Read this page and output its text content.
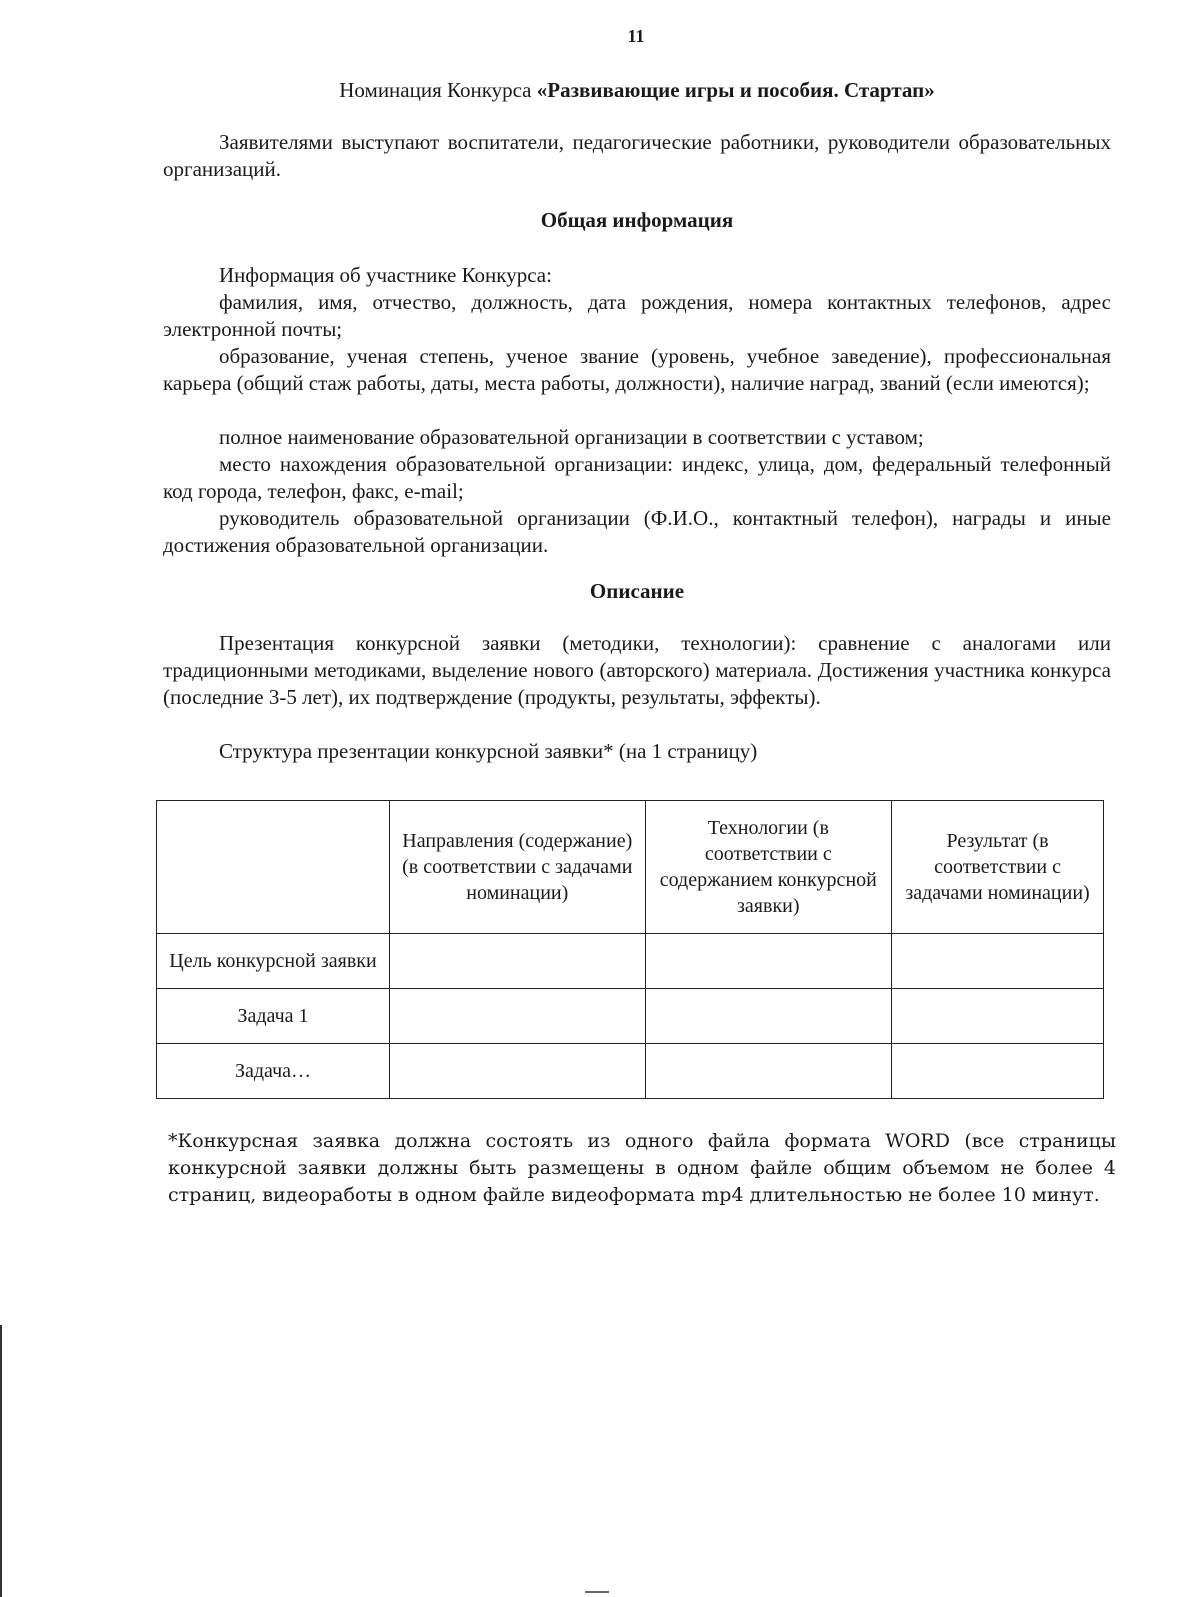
11
Номинация Конкурса «Развивающие игры и пособия. Стартап»

Заявителями выступают воспитатели, педагогические работники, руководители образовательных организаций.

Общая информация

Информация об участнике Конкурса:

фамилия, имя, отчество, должность, дата рождения, номера контактных телефонов, адрес электронной почты;

образование, ученая степень, ученое звание (уровень, учебное заведение), профессиональная карьера (общий стаж работы, даты, места работы, должности), наличие наград, званий (если имеются);

полное наименование образовательной организации в соответствии с уставом;

место нахождения образовательной организации: индекс, улица, дом, федеральный телефонный код города, телефон, факс, e-mail;

руководитель образовательной организации (Ф.И.О., контактный телефон), награды и иные достижения образовательной организации.

Описание

Презентация конкурсной заявки (методики, технологии): сравнение с аналогами или традиционными методиками, выделение нового (авторского) материала. Достижения участника конкурса (последние 3-5 лет), их подтверждение (продукты, результаты, эффекты).

Структура презентации конкурсной заявки* (на 1 страницу)

	Направления (содержание) (в соответствии с задачами номинации)	Технологии (в соответствии с содержанием конкурсной заявки)	Результат (в соответствии с задачами номинации)
Цель конкурсной заявки			
Задача 1			
Задача…			

*Конкурсная заявка должна состоять из одного файла формата WORD (все страницы конкурсной заявки должны быть размещены в одном файле общим объемом не более 4 страниц, видеоработы в одном файле видеоформата mp4 длительностью не более 10 минут.
